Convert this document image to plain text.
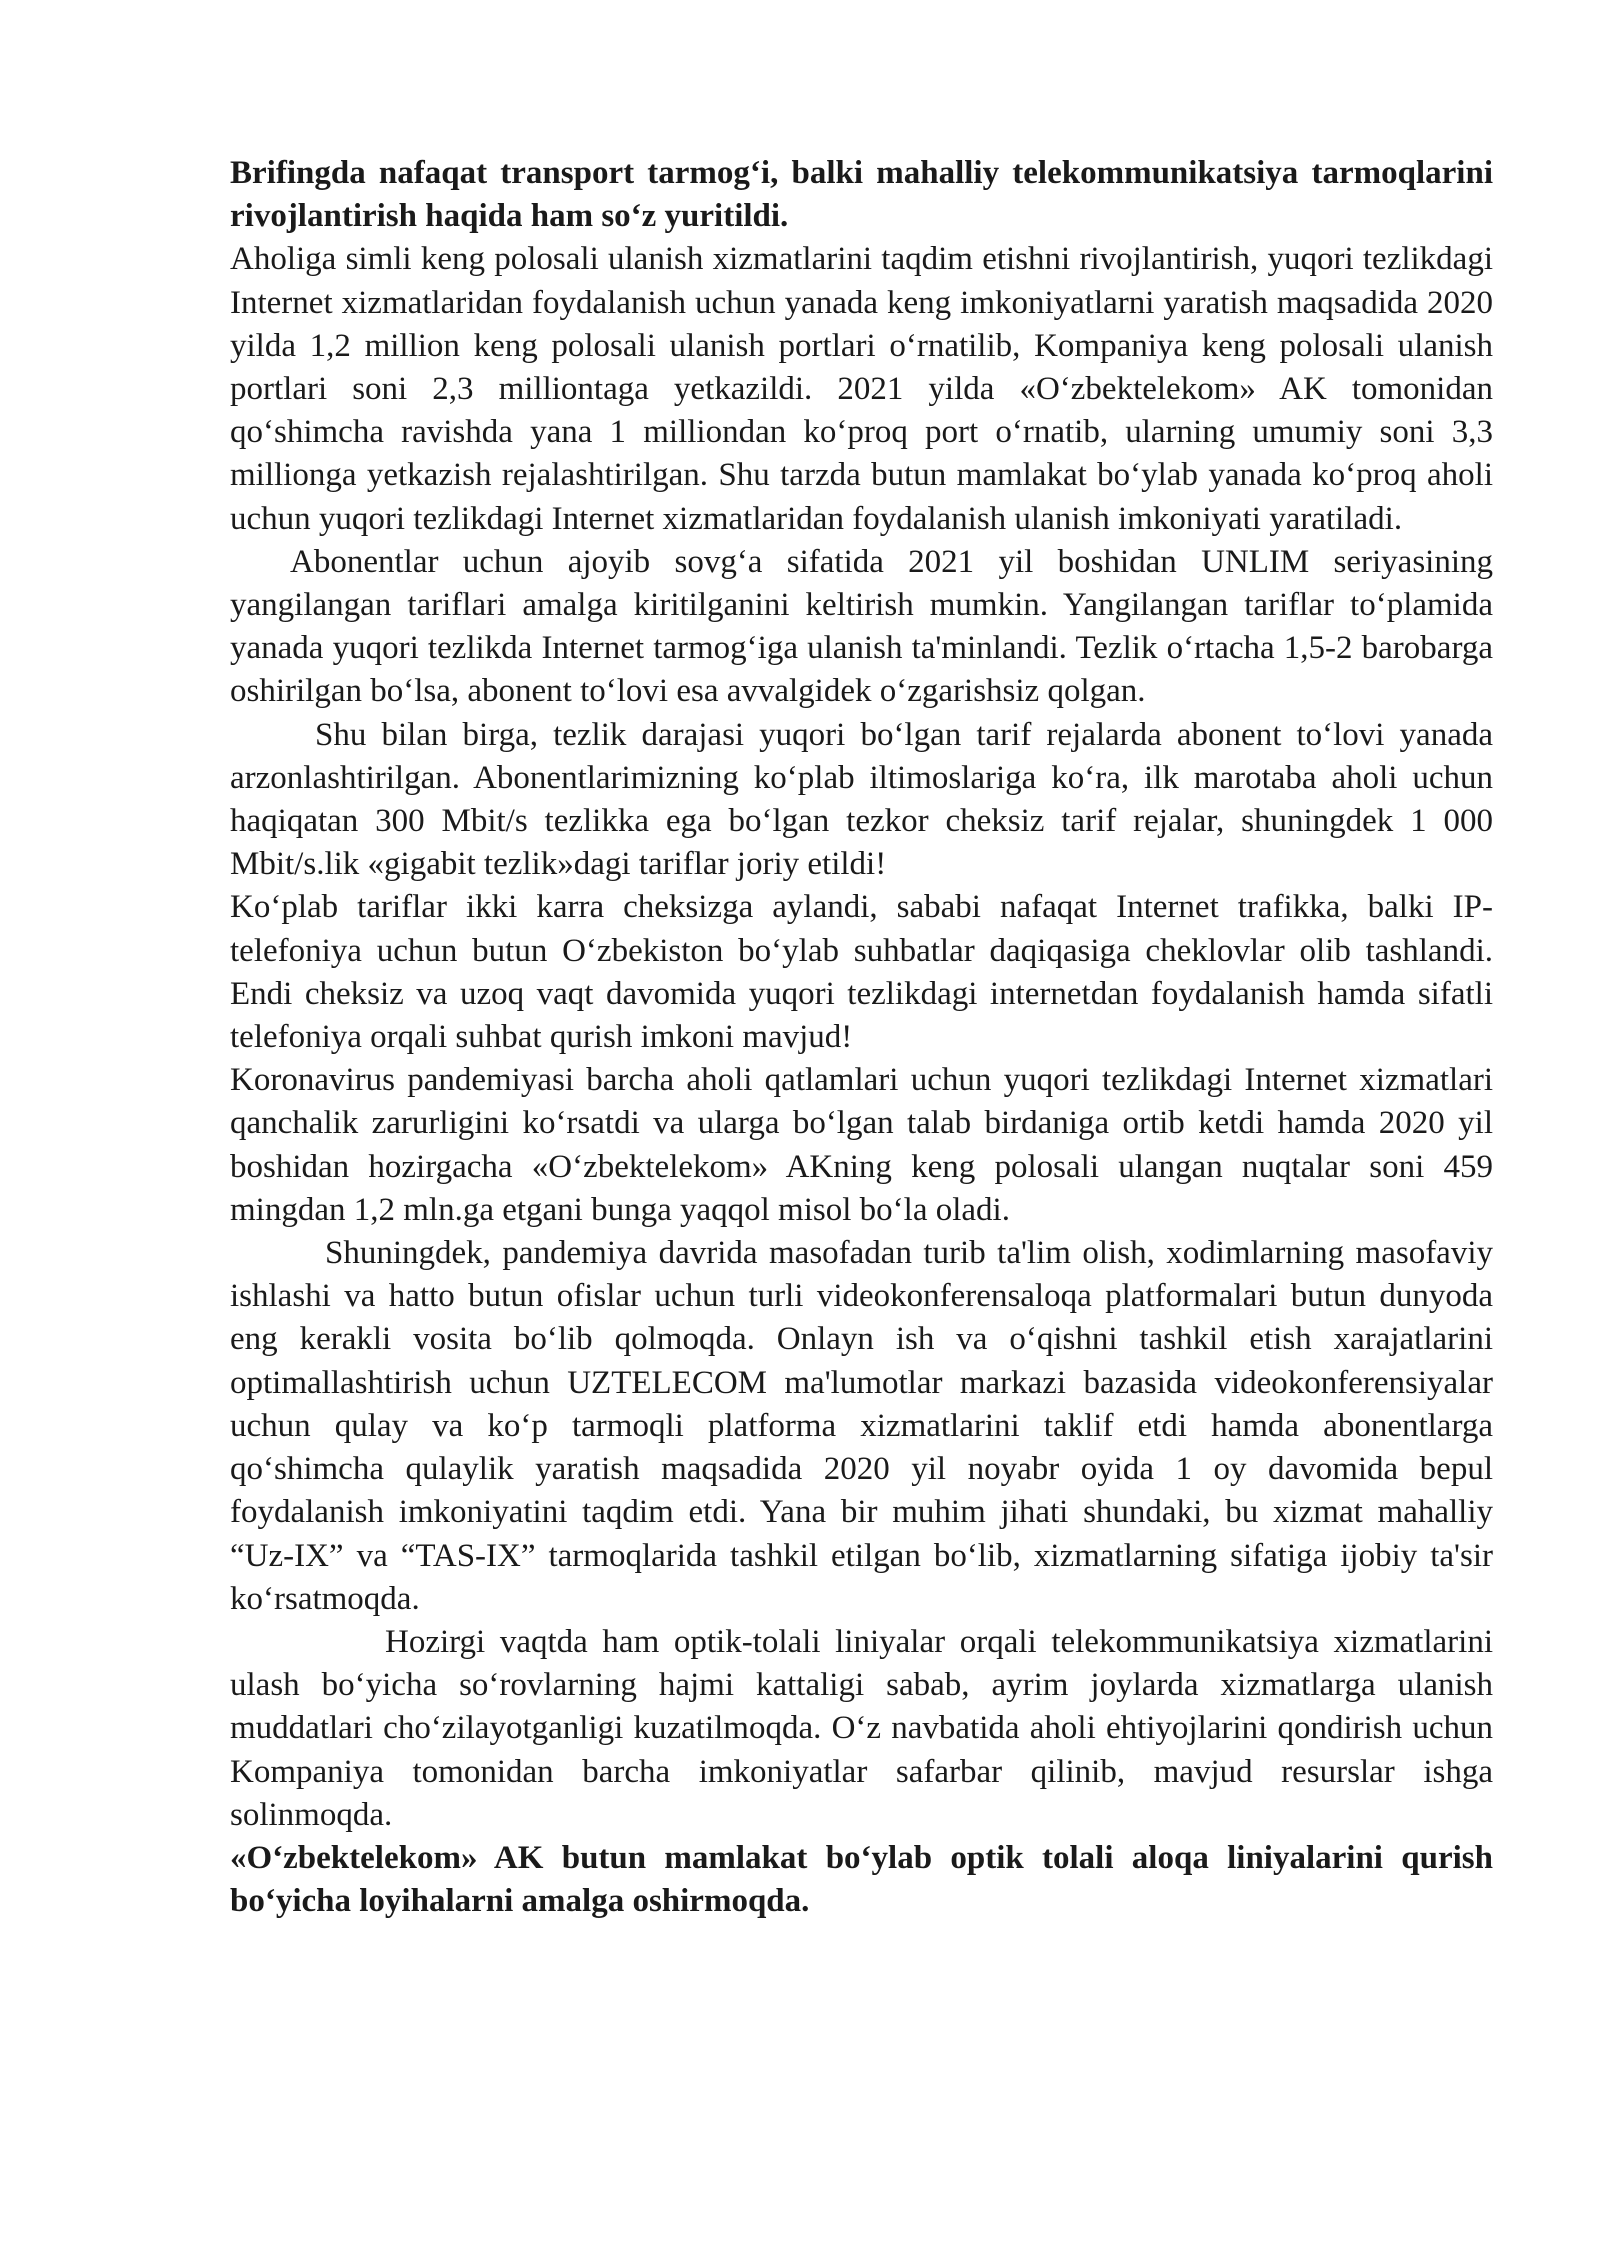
Brifingda nafaqat transport tarmog‘i, balki mahalliy telekommunikatsiya tarmoqlarini rivojlantirish haqida ham so‘z yuritildi.

Aholiga simli keng polosali ulanish xizmatlarini taqdim etishni rivojlantirish, yuqori tezlikdagi Internet xizmatlaridan foydalanish uchun yanada keng imkoniyatlarni yaratish maqsadida 2020 yilda 1,2 million keng polosali ulanish portlari o‘rnatilib, Kompaniya keng polosali ulanish portlari soni 2,3 milliontaga yetkazildi. 2021 yilda «O‘zbektelekom» AK tomonidan qo‘shimcha ravishda yana 1 milliondan ko‘proq port o‘rnatib, ularning umumiy soni 3,3 millionga yetkazish rejalashtirilgan. Shu tarzda butun mamlakat bo‘ylab yanada ko‘proq aholi uchun yuqori tezlikdagi Internet xizmatlaridan foydalanish ulanish imkoniyati yaratiladi.

Abonentlar uchun ajoyib sovg‘a sifatida 2021 yil boshidan UNLIM seriyasining yangilangan tariflari amalga kiritilganini keltirish mumkin. Yangilangan tariflar to‘plamida yanada yuqori tezlikda Internet tarmog‘iga ulanish ta'minlandi. Tezlik o‘rtacha 1,5-2 barobarga oshirilgan bo‘lsa, abonent to‘lovi esa avvalgidek o‘zgarishsiz qolgan.

Shu bilan birga, tezlik darajasi yuqori bo‘lgan tarif rejalarda abonent to‘lovi yanada arzonlashtirilgan. Abonentlarimizning ko‘plab iltimoslariga ko‘ra, ilk marotaba aholi uchun haqiqatan 300 Mbit/s tezlikka ega bo‘lgan tezkor cheksiz tarif rejalar, shuningdek 1 000 Mbit/s.lik «gigabit tezlik»dagi tariflar joriy etildi!

Ko‘plab tariflar ikki karra cheksizga aylandi, sababi nafaqat Internet trafikka, balki IP-telefoniya uchun butun O‘zbekiston bo‘ylab suhbatlar daqiqasiga cheklovlar olib tashlandi. Endi cheksiz va uzoq vaqt davomida yuqori tezlikdagi internetdan foydalanish hamda sifatli telefoniya orqali suhbat qurish imkoni mavjud!

Koronavirus pandemiyasi barcha aholi qatlamlari uchun yuqori tezlikdagi Internet xizmatlari qanchalik zarurligini ko‘rsatdi va ularga bo‘lgan talab birdaniga ortib ketdi hamda 2020 yil boshidan hozirgacha «O‘zbektelekom» AKning keng polosali ulangan nuqtalar soni 459 mingdan 1,2 mln.ga etgani bunga yaqqol misol bo‘la oladi.

Shuningdek, pandemiya davrida masofadan turib ta'lim olish, xodimlarning masofaviy ishlashi va hatto butun ofislar uchun turli videokonferensaloqa platformalari butun dunyoda eng kerakli vosita bo‘lib qolmoqda. Onlayn ish va o‘qishni tashkil etish xarajatlarini optimallashtirish uchun UZTELECOM ma'lumotlar markazi bazasida videokonferensiyalar uchun qulay va ko‘p tarmoqli platforma xizmatlarini taklif etdi hamda abonentlarga qo‘shimcha qulaylik yaratish maqsadida 2020 yil noyabr oyida 1 oy davomida bepul foydalanish imkoniyatini taqdim etdi. Yana bir muhim jihati shundaki, bu xizmat mahalliy “Uz-IX” va “TAS-IX” tarmoqlarida tashkil etilgan bo‘lib, xizmatlarning sifatiga ijobiy ta'sir ko‘rsatmoqda.

Hozirgi vaqtda ham optik-tolali liniyalar orqali telekommunikatsiya xizmatlarini ulash bo‘yicha so‘rovlarning hajmi kattaligi sabab, ayrim joylarda xizmatlarga ulanish muddatlari cho‘zilayotganligi kuzatilmoqda. O‘z navbatida aholi ehtiyojlarini qondirish uchun Kompaniya tomonidan barcha imkoniyatlar safarbar qilinib, mavjud resurslar ishga solinmoqda.

«O‘zbektelekom» AK butun mamlakat bo‘ylab optik tolali aloqa liniyalarini qurish bo‘yicha loyihalarni amalga oshirmoqda.
